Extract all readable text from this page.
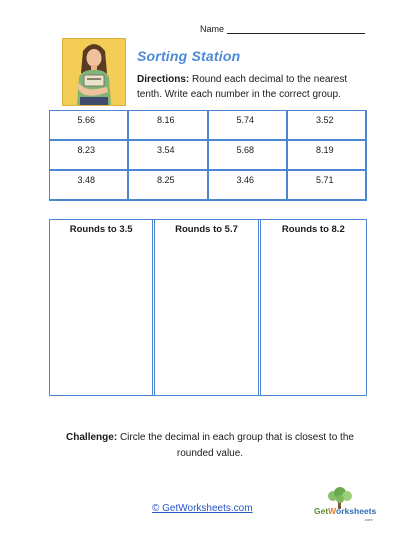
Name
Sorting Station
Directions: Round each decimal to the nearest tenth. Write each number in the correct group.
5.66	8.16	5.74	3.52
8.23	3.54	5.68	8.19
3.48	8.25	3.46	5.71
Rounds to 3.5	Rounds to 5.7	Rounds to 8.2
Challenge: Circle the decimal in each group that is closest to the rounded value.
© GetWorksheets.com	GetWorksheets
.com
